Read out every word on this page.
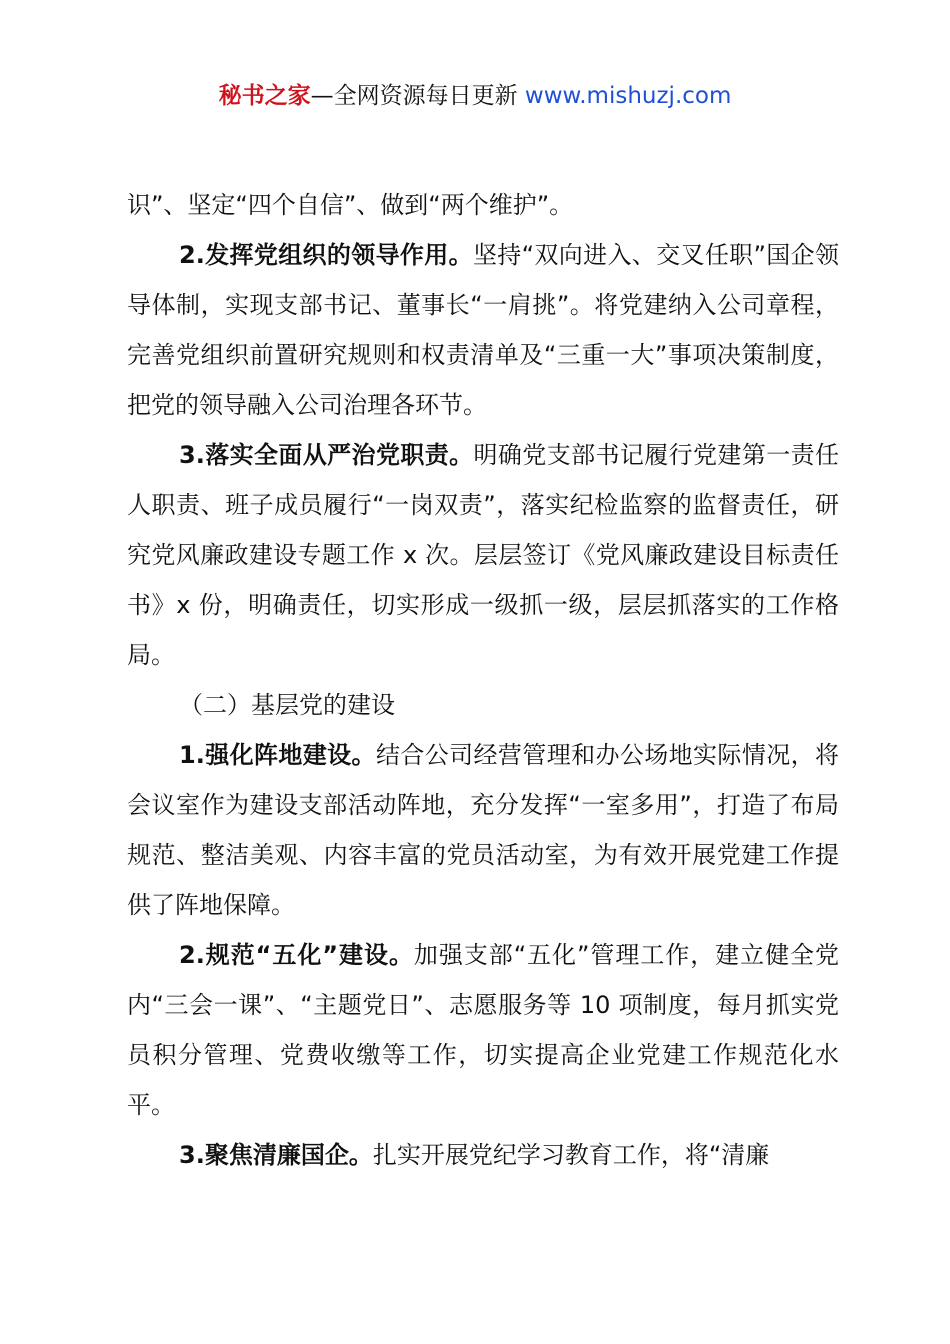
秘书之家—全网资源每日更新 www.mishuzj.com

识”、坚定“四个自信”、做到“两个维护”。

2.发挥党组织的领导作用。坚持“双向进入、交叉任职”国企领导体制，实现支部书记、董事长“一肩挑”。将党建纳入公司章程，完善党组织前置研究规则和权责清单及“三重一大”事项决策制度，把党的领导融入公司治理各环节。

3.落实全面从严治党职责。明确党支部书记履行党建第一责任人职责、班子成员履行“一岗双责”，落实纪检监察的监督责任，研究党风廉政建设专题工作 x 次。层层签订《党风廉政建设目标责任书》x 份，明确责任，切实形成一级抓一级，层层抓落实的工作格局。

（二）基层党的建设

1.强化阵地建设。结合公司经营管理和办公场地实际情况，将会议室作为建设支部活动阵地，充分发挥“一室多用”，打造了布局规范、整洁美观、内容丰富的党员活动室，为有效开展党建工作提供了阵地保障。

2.规范“五化”建设。加强支部“五化”管理工作，建立健全党内“三会一课”、“主题党日”、志愿服务等 10 项制度，每月抓实党员积分管理、党费收缴等工作，切实提高企业党建工作规范化水平。

3.聚焦清廉国企。扎实开展党纪学习教育工作，将“清廉
